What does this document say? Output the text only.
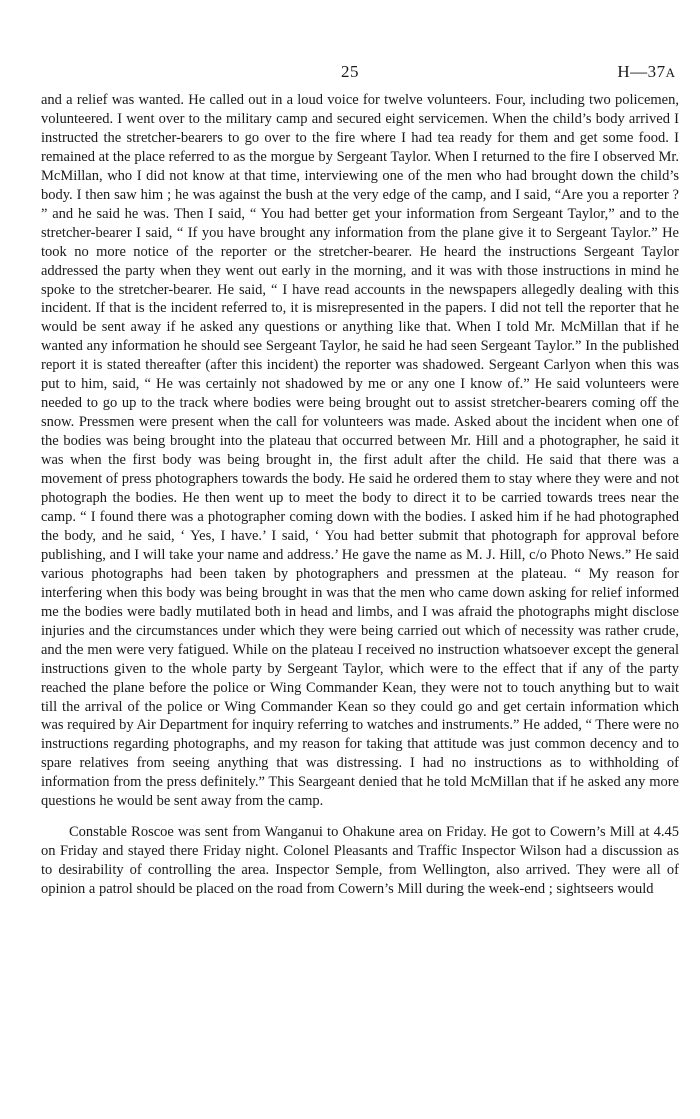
25	H—37A

and a relief was wanted. He called out in a loud voice for twelve volunteers. Four, including two policemen, volunteered. I went over to the military camp and secured eight servicemen. When the child’s body arrived I instructed the stretcher-bearers to go over to the fire where I had tea ready for them and get some food. I remained at the place referred to as the morgue by Sergeant Taylor. When I returned to the fire I observed Mr. McMillan, who I did not know at that time, interviewing one of the men who had brought down the child’s body. I then saw him ; he was against the bush at the very edge of the camp, and I said, “Are you a reporter ? ” and he said he was. Then I said, “ You had better get your information from Sergeant Taylor,” and to the stretcher-bearer I said, “ If you have brought any information from the plane give it to Sergeant Taylor.” He took no more notice of the reporter or the stretcher-bearer. He heard the instructions Sergeant Taylor addressed the party when they went out early in the morning, and it was with those instructions in mind he spoke to the stretcher-bearer. He said, “ I have read accounts in the newspapers allegedly dealing with this incident. If that is the incident referred to, it is misrepresented in the papers. I did not tell the reporter that he would be sent away if he asked any questions or anything like that. When I told Mr. McMillan that if he wanted any information he should see Sergeant Taylor, he said he had seen Sergeant Taylor.” In the published report it is stated thereafter (after this incident) the reporter was shadowed. Sergeant Carlyon when this was put to him, said, “ He was certainly not shadowed by me or any one I know of.” He said volunteers were needed to go up to the track where bodies were being brought out to assist stretcher-bearers coming off the snow. Pressmen were present when the call for volunteers was made. Asked about the incident when one of the bodies was being brought into the plateau that occurred between Mr. Hill and a photographer, he said it was when the first body was being brought in, the first adult after the child. He said that there was a movement of press photographers towards the body. He said he ordered them to stay where they were and not photograph the bodies. He then went up to meet the body to direct it to be carried towards trees near the camp. “ I found there was a photographer coming down with the bodies. I asked him if he had photographed the body, and he said, ‘ Yes, I have.’ I said, ‘ You had better submit that photograph for approval before publishing, and I will take your name and address.’ He gave the name as M. J. Hill, c/o Photo News.” He said various photographs had been taken by photographers and pressmen at the plateau. “ My reason for interfering when this body was being brought in was that the men who came down asking for relief informed me the bodies were badly mutilated both in head and limbs, and I was afraid the photographs might disclose injuries and the circumstances under which they were being carried out which of necessity was rather crude, and the men were very fatigued. While on the plateau I received no instruction whatsoever except the general instructions given to the whole party by Sergeant Taylor, which were to the effect that if any of the party reached the plane before the police or Wing Commander Kean, they were not to touch anything but to wait till the arrival of the police or Wing Commander Kean so they could go and get certain information which was required by Air Department for inquiry referring to watches and instruments.” He added, “ There were no instructions regarding photographs, and my reason for taking that attitude was just common decency and to spare relatives from seeing anything that was distressing. I had no instructions as to withholding of information from the press definitely.” This Seargeant denied that he told McMillan that if he asked any more questions he would be sent away from the camp.

Constable Roscoe was sent from Wanganui to Ohakune area on Friday. He got to Cowern’s Mill at 4.45 on Friday and stayed there Friday night. Colonel Pleasants and Traffic Inspector Wilson had a discussion as to desirability of controlling the area. Inspector Semple, from Wellington, also arrived. They were all of opinion a patrol should be placed on the road from Cowern’s Mill during the week-end ; sightseers would
